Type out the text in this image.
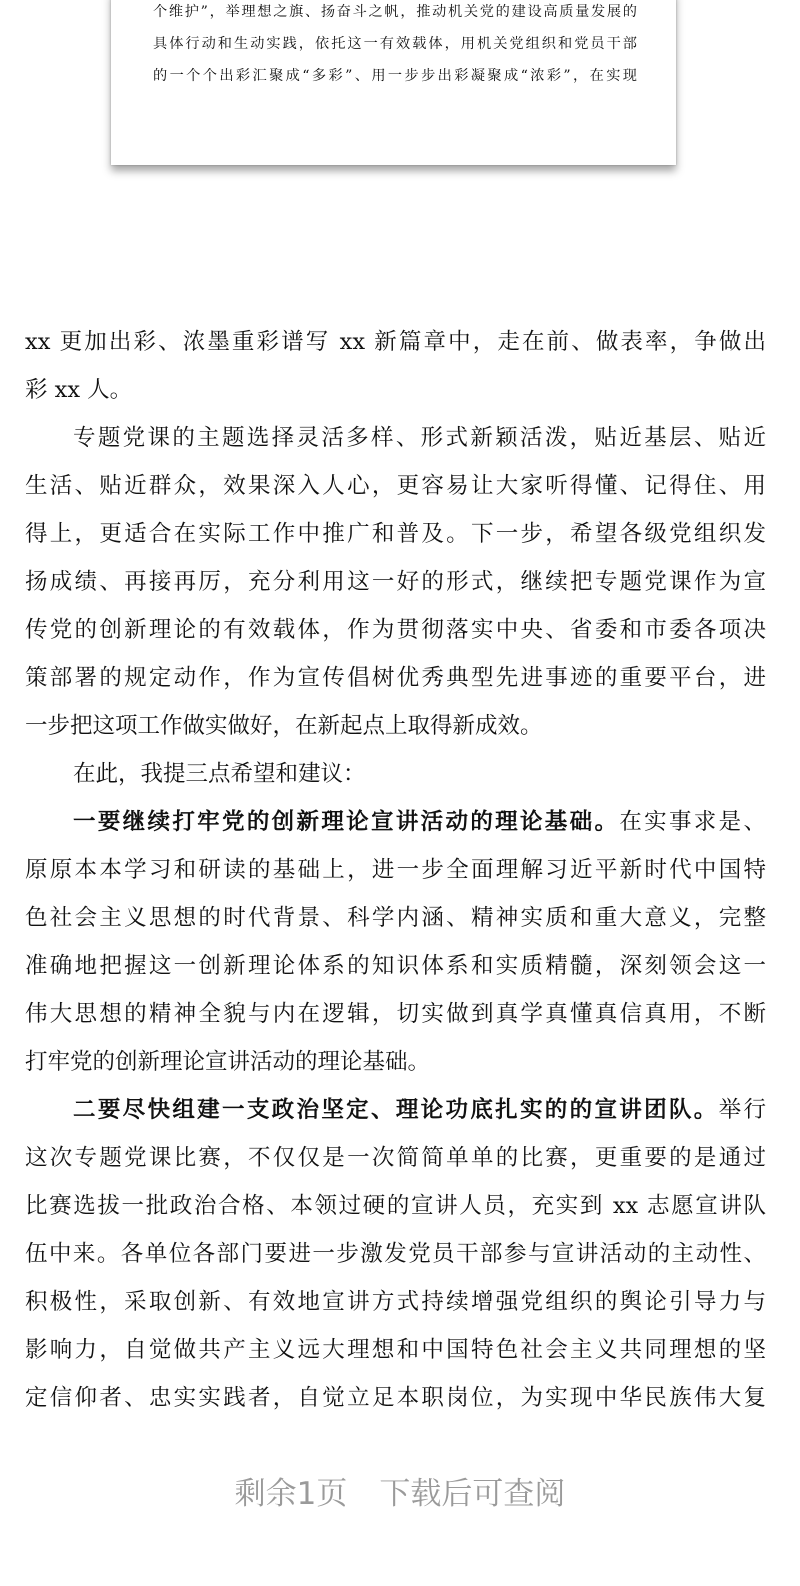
个维护”，举理想之旗、扬奋斗之帆，推动机关党的建设高质量发展的
具体行动和生动实践，依托这一有效载体，用机关党组织和党员干部
的一个个出彩汇聚成“多彩”、用一步步出彩凝聚成“浓彩”，在实现
xx 更加出彩、浓墨重彩谱写 xx 新篇章中，走在前、做表率，争做出
彩 xx 人。
专题党课的主题选择灵活多样、形式新颖活泼，贴近基层、贴近
生活、贴近群众，效果深入人心，更容易让大家听得懂、记得住、用
得上，更适合在实际工作中推广和普及。下一步，希望各级党组织发
扬成绩、再接再厉，充分利用这一好的形式，继续把专题党课作为宣
传党的创新理论的有效载体，作为贯彻落实中央、省委和市委各项决
策部署的规定动作，作为宣传倡树优秀典型先进事迹的重要平台，进
一步把这项工作做实做好，在新起点上取得新成效。
在此，我提三点希望和建议：
一要继续打牢党的创新理论宣讲活动的理论基础。在实事求是、
原原本本学习和研读的基础上，进一步全面理解习近平新时代中国特
色社会主义思想的时代背景、科学内涵、精神实质和重大意义，完整
准确地把握这一创新理论体系的知识体系和实质精髓，深刻领会这一
伟大思想的精神全貌与内在逻辑，切实做到真学真懂真信真用，不断
打牢党的创新理论宣讲活动的理论基础。
二要尽快组建一支政治坚定、理论功底扎实的的宣讲团队。举行
这次专题党课比赛，不仅仅是一次简简单单的比赛，更重要的是通过
比赛选拔一批政治合格、本领过硬的宣讲人员，充实到 xx 志愿宣讲队
伍中来。各单位各部门要进一步激发党员干部参与宣讲活动的主动性、
积极性，采取创新、有效地宣讲方式持续增强党组织的舆论引导力与
影响力，自觉做共产主义远大理想和中国特色社会主义共同理想的坚
定信仰者、忠实实践者，自觉立足本职岗位，为实现中华民族伟大复
剩余1页 下载后可查阅
